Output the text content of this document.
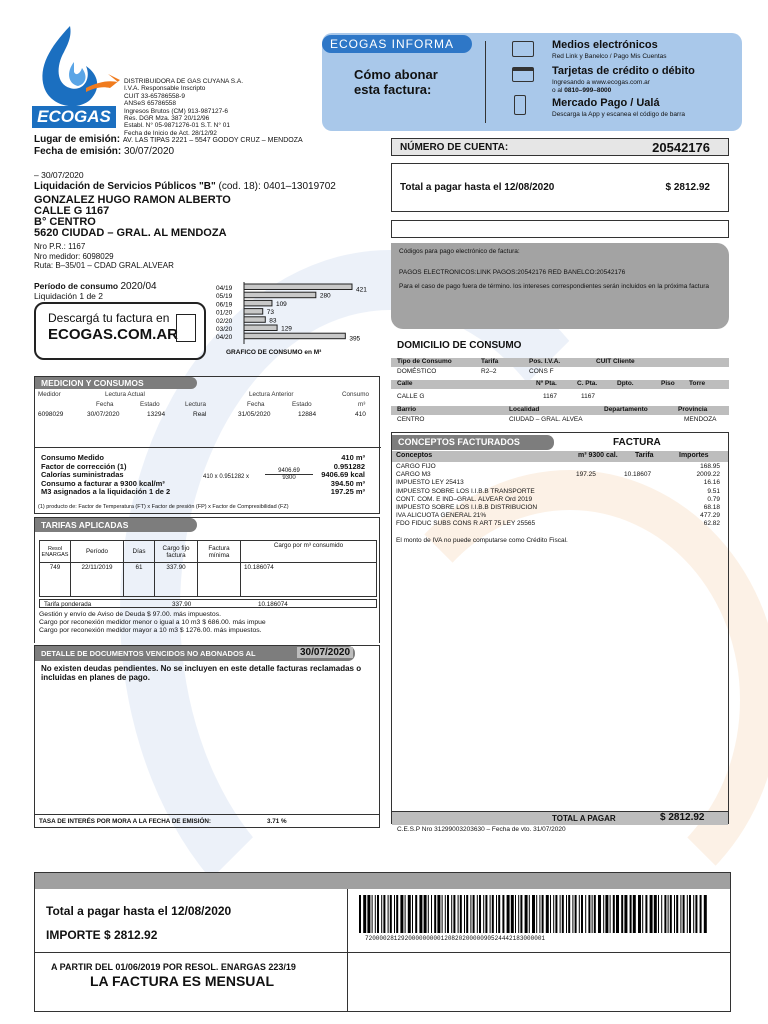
ECOGAS
DISTRIBUIDORA DE GAS CUYANA S.A.
I.V.A. Responsable Inscripto
CUIT 33-65786558-9
ANSeS 65786558
Ingresos Brutos (CM) 913-987127-6
Res. DGR Mza. 387 20/12/96
Establ. N° 05-9871276-01 S.T. N° 01
Fecha de Inicio de Act. 28/12/92
ECOGAS INFORMA
Cómo abonar esta factura:
Medios electrónicos
Red Link y Banelco / Pago Mis Cuentas
Tarjetas de crédito o débito
Ingresando a www.ecogas.com.ar
o al 0810–999–8000
Mercado Pago / Ualá
Descarga la App y escanea el código de barra
Lugar de emisión: AV. LAS TIPAS 2221 – 5547 GODOY CRUZ – MENDOZA
Fecha de emisión: 30/07/2020
– 30/07/2020
Liquidación de Servicios Públicos "B" (cod. 18): 0401–13019702
GONZALEZ HUGO RAMON ALBERTO
CALLE G 1167
B° CENTRO
5620 CIUDAD – GRAL. AL MENDOZA
Nro P.R.: 1167
Nro medidor: 6098029
Ruta: B–35/01 – CDAD GRAL.ALVEAR
Período de consumo 2020/04
Liquidación 1 de 2
Descargá tu factura en
ECOGAS.COM.AR
04/19	421
05/19	280
06/19	109
01/20	73
02/20	83
03/20	129
04/20	395
GRAFICO DE CONSUMO en M³
NÚMERO DE CUENTA:	20542176
Total a pagar hasta el 12/08/2020	$ 2812.92
Códigos para pago electrónico de factura:
PAGOS ELECTRONICOS:LINK PAGOS:20542176 RED BANELCO:20542176
Para el caso de pago fuera de término. los intereses correspondientes serán incluidos en la próxima factura
DOMICILIO DE CONSUMO
Tipo de Consumo	Tarifa	Pos. I.V.A.	CUIT Cliente
DOMÉSTICO	R2–2	CONS F
Calle	Nº Pta.	C. Pta.	Dpto.	Piso Torre
CALLE G	1167	1167
Barrio	Localidad	Departamento	Provincia
CENTRO	CIUDAD – GRAL. ALVEA	MENDOZA
MEDICION Y CONSUMOS
Medidor	Lectura Actual	Lectura Anterior	Consumo
Fecha	Estado	Lectura	Fecha	Estado	m³
6098029	30/07/2020	13294	Real	31/05/2020	12884	410
Consumo Medido	410 m³
Factor de corrección (1)	0.951282
Calorías suministradas	9406.69 kcal
Consumo a facturar a 9300 kcal/m³	394.50 m³
M3 asignados a la liquidación 1 de 2	197.25 m³
410 x 0.951282 x	$\frac{9406.69}{9300}$
(1) producto de: Factor de Temperatura (FT) x Factor de presión (FP) x Factor de Compresibilidad (FZ)
TARIFAS APLICADAS
Resol ENARGAS	Período	Días	Cargo fijo factura	Factura mínima	Cargo por m³ consumido
749	22/11/2019	61	337.90		10.186074
Tarifa ponderada	337.90	10.186074
Gestión y envío de Aviso de Deuda $ 97.00. más impuestos.
Cargo por reconexión medidor menor o igual a 10 m3 $ 686.00. más impue
Cargo por reconexión medidor mayor a 10 m3 $ 1276.00. más impuestos.
DETALLE DE DOCUMENTOS VENCIDOS NO ABONADOS AL	30/07/2020
No existen deudas pendientes. No se incluyen en este detalle facturas reclamadas o incluidas en planes de pago.
TASA DE INTERÉS POR MORA A LA FECHA DE EMISIÓN:	3.71 %
CONCEPTOS FACTURADOS	FACTURA
Conceptos	m³ 9300 cal. Tarifa	Importes
CARGO FIJO	168.95
CARGO M3	197.25	10.18607	2009.22
IMPUESTO LEY 25413	16.16
IMPUESTO SOBRE LOS I.I.B.B TRANSPORTE	9.51
CONT. COM. E IND–GRAL. ALVEAR Ord 2019	0.79
IMPUESTO SOBRE LOS I.I.B.B DISTRIBUCION	68.18
IVA ALICUOTA GENERAL 21%	477.29
FDO FIDUC SUBS CONS R ART 75 LEY 25565	62.82
El monto de IVA no puede computarse como Crédito Fiscal.
TOTAL A PAGAR	$ 2812.92
C.E.S.P Nro 31299003203630 – Fecha de vto. 31/07/2020
Total a pagar hasta el 12/08/2020
IMPORTE $ 2812.92	72000028129200000000012082020000090524442183000001
A PARTIR DEL 01/06/2019 POR RESOL. ENARGAS 223/19
LA FACTURA ES MENSUAL
